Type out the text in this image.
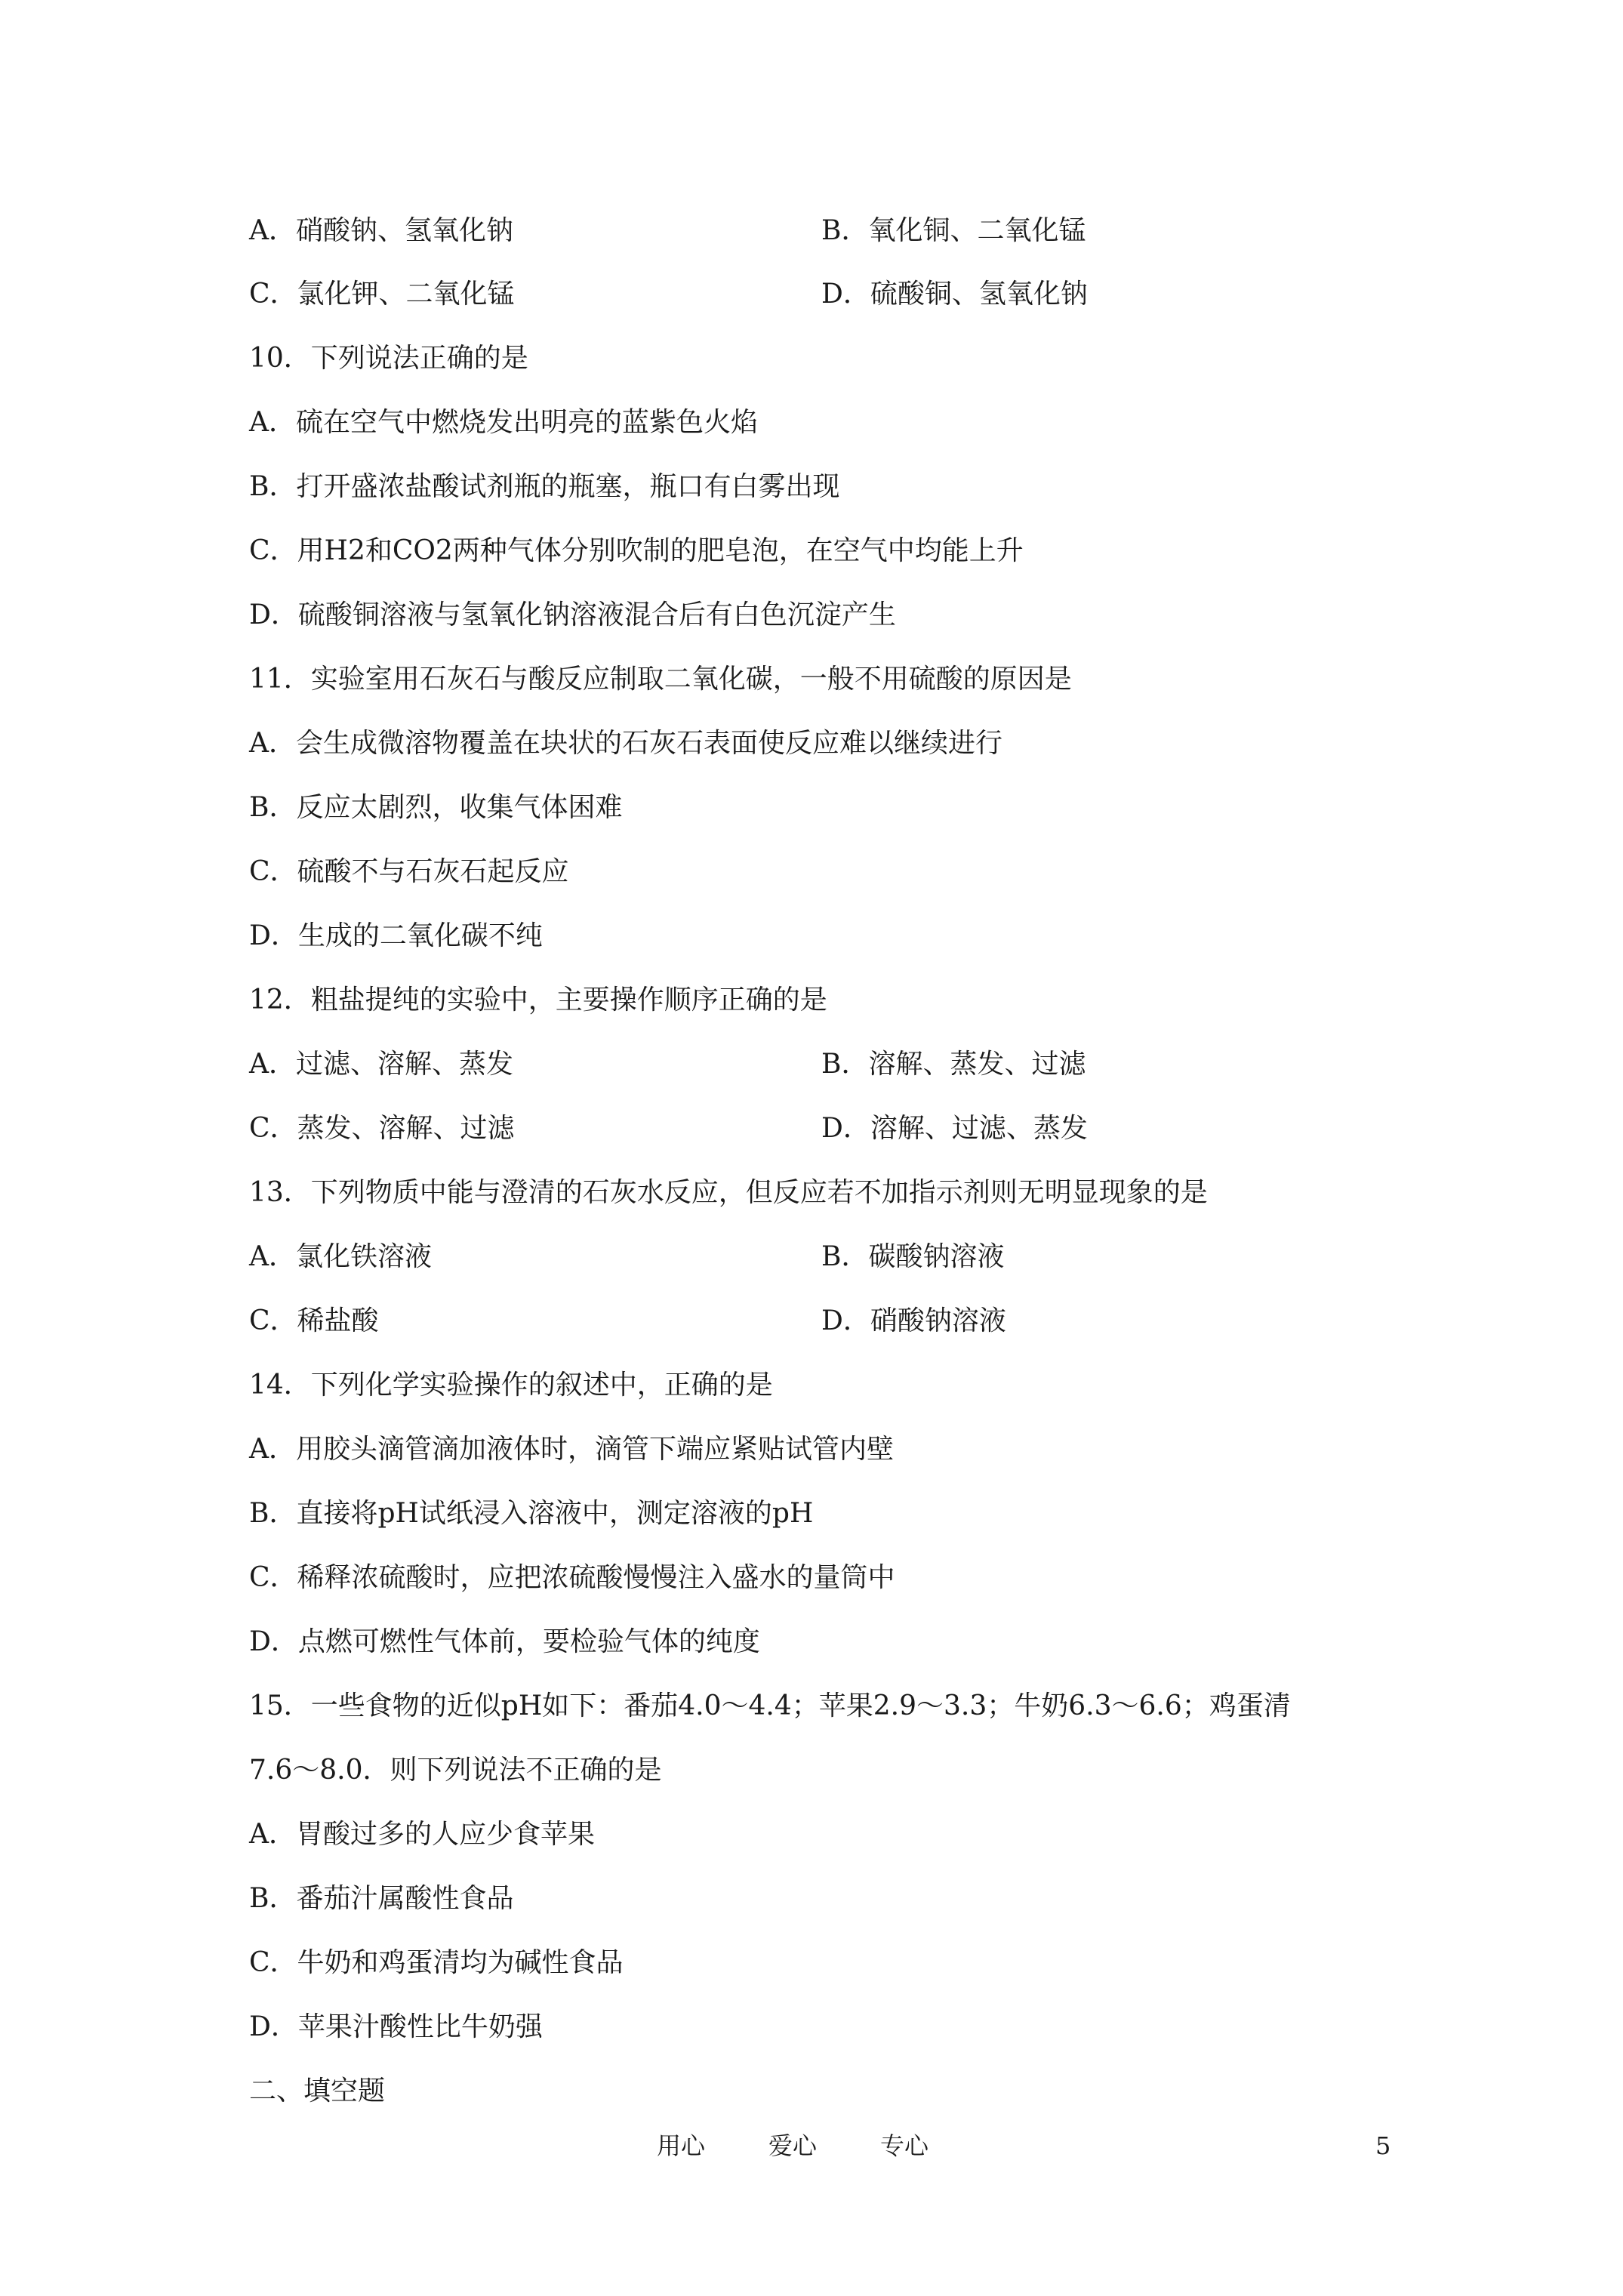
A．硝酸钠、氢氧化钠	B．氧化铜、二氧化锰
C．氯化钾、二氧化锰	D．硫酸铜、氢氧化钠
10．下列说法正确的是
A．硫在空气中燃烧发出明亮的蓝紫色火焰
B．打开盛浓盐酸试剂瓶的瓶塞，瓶口有白雾出现
C．用H2和CO2两种气体分别吹制的肥皂泡，在空气中均能上升
D．硫酸铜溶液与氢氧化钠溶液混合后有白色沉淀产生
11．实验室用石灰石与酸反应制取二氧化碳，一般不用硫酸的原因是
A．会生成微溶物覆盖在块状的石灰石表面使反应难以继续进行
B．反应太剧烈，收集气体困难
C．硫酸不与石灰石起反应
D．生成的二氧化碳不纯
12．粗盐提纯的实验中，主要操作顺序正确的是
A．过滤、溶解、蒸发	B．溶解、蒸发、过滤
C．蒸发、溶解、过滤	D．溶解、过滤、蒸发
13．下列物质中能与澄清的石灰水反应，但反应若不加指示剂则无明显现象的是
A．氯化铁溶液	B．碳酸钠溶液
C．稀盐酸	D．硝酸钠溶液
14．下列化学实验操作的叙述中，正确的是
A．用胶头滴管滴加液体时，滴管下端应紧贴试管内壁
B．直接将pH试纸浸入溶液中，测定溶液的pH
C．稀释浓硫酸时，应把浓硫酸慢慢注入盛水的量筒中
D．点燃可燃性气体前，要检验气体的纯度
15．一些食物的近似pH如下：番茄4.0～4.4；苹果2.9～3.3；牛奶6.3～6.6；鸡蛋清
7.6～8.0．则下列说法不正确的是
A．胃酸过多的人应少食苹果
B．番茄汁属酸性食品
C．牛奶和鸡蛋清均为碱性食品
D．苹果汁酸性比牛奶强
二、填空题
用心	爱心	专心	5
